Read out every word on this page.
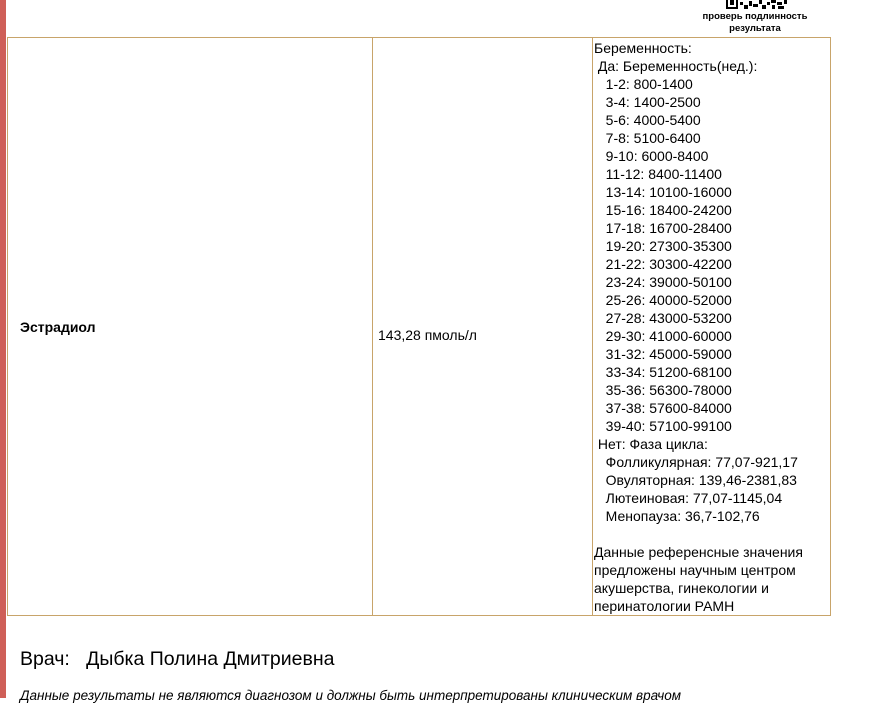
проверь подлинность
результата
Эстрадиол	143,28 пмоль/л	
Беременность:
Да: Беременность(нед.):
1-2: 800-1400
3-4: 1400-2500
5-6: 4000-5400
7-8: 5100-6400
9-10: 6000-8400
11-12: 8400-11400
13-14: 10100-16000
15-16: 18400-24200
17-18: 16700-28400
19-20: 27300-35300
21-22: 30300-42200
23-24: 39000-50100
25-26: 40000-52000
27-28: 43000-53200
29-30: 41000-60000
31-32: 45000-59000
33-34: 51200-68100
35-36: 56300-78000
37-38: 57600-84000
39-40: 57100-99100
Нет: Фаза цикла:
Фолликулярная: 77,07-921,17
Овуляторная: 139,46-2381,83
Лютеиновая: 77,07-1145,04
Менопауза: 36,7-102,76

Данные референсные значения
предложены научным центром
акушерства, гинекологии и
перинатологии РАМН
Врач: Дыбка Полина Дмитриевна
Данные результаты не являются диагнозом и должны быть интерпретированы клиническим врачом
